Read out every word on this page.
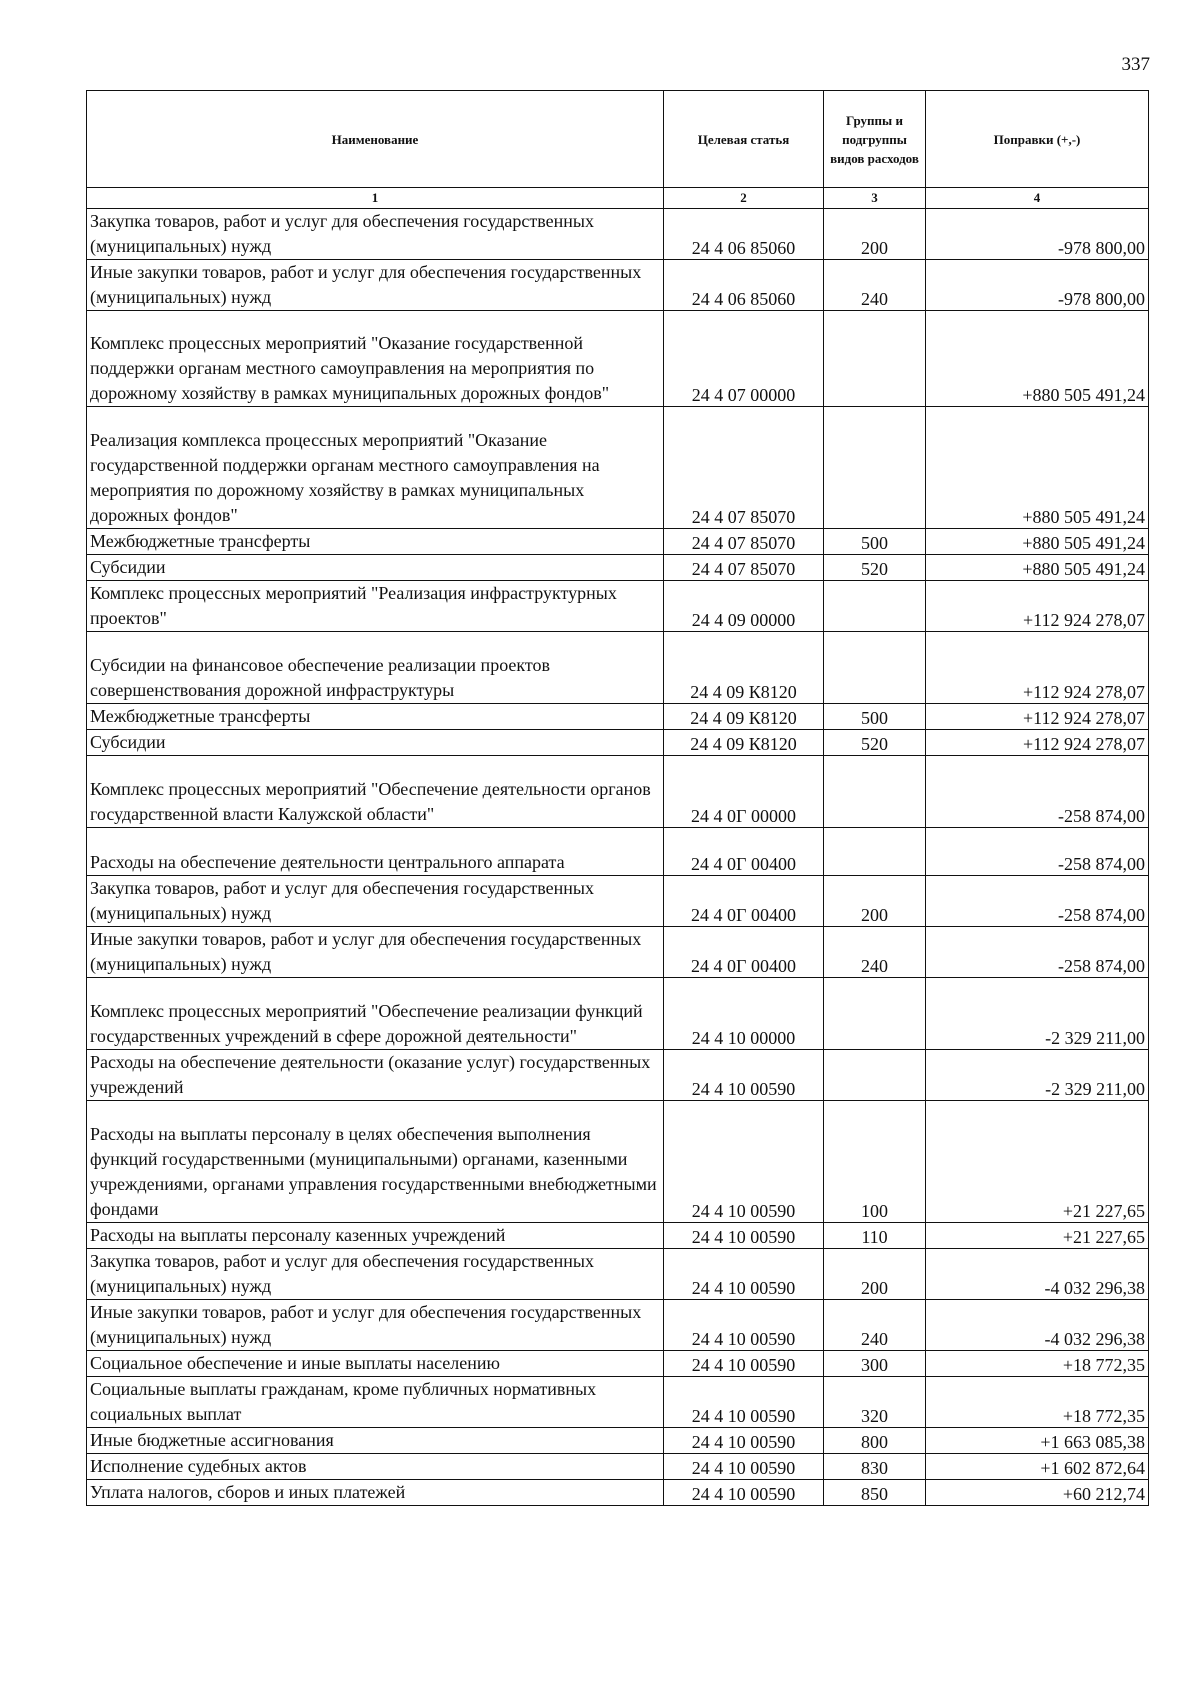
337
Наименование	Целевая статья	Группы и подгруппы видов расходов	Поправки (+,-)
1	2	3	4
Закупка товаров, работ и услуг для обеспечения государственных (муниципальных) нужд	24 4 06 85060	200	-978 800,00
Иные закупки товаров, работ и услуг для обеспечения государственных (муниципальных) нужд	24 4 06 85060	240	-978 800,00
Комплекс процессных мероприятий "Оказание государственной поддержки органам местного самоуправления на мероприятия по дорожному хозяйству в рамках муниципальных дорожных фондов"	24 4 07 00000		+880 505 491,24
Реализация комплекса процессных мероприятий "Оказание государственной поддержки органам местного самоуправления на мероприятия по дорожному хозяйству в рамках муниципальных дорожных фондов"	24 4 07 85070		+880 505 491,24
Межбюджетные трансферты	24 4 07 85070	500	+880 505 491,24
Субсидии	24 4 07 85070	520	+880 505 491,24
Комплекс процессных мероприятий "Реализация инфраструктурных проектов"	24 4 09 00000		+112 924 278,07
Субсидии на финансовое обеспечение реализации проектов совершенствования дорожной инфраструктуры	24 4 09 К8120		+112 924 278,07
Межбюджетные трансферты	24 4 09 К8120	500	+112 924 278,07
Субсидии	24 4 09 К8120	520	+112 924 278,07
Комплекс процессных мероприятий "Обеспечение деятельности органов государственной власти Калужской области"	24 4 0Г 00000		-258 874,00
Расходы на обеспечение деятельности центрального аппарата	24 4 0Г 00400		-258 874,00
Закупка товаров, работ и услуг для обеспечения государственных (муниципальных) нужд	24 4 0Г 00400	200	-258 874,00
Иные закупки товаров, работ и услуг для обеспечения государственных (муниципальных) нужд	24 4 0Г 00400	240	-258 874,00
Комплекс процессных мероприятий "Обеспечение реализации функций государственных учреждений в сфере дорожной деятельности"	24 4 10 00000		-2 329 211,00
Расходы на обеспечение деятельности (оказание услуг) государственных учреждений	24 4 10 00590		-2 329 211,00
Расходы на выплаты персоналу в целях обеспечения выполнения функций государственными (муниципальными) органами, казенными учреждениями, органами управления государственными внебюджетными фондами	24 4 10 00590	100	+21 227,65
Расходы на выплаты персоналу казенных учреждений	24 4 10 00590	110	+21 227,65
Закупка товаров, работ и услуг для обеспечения государственных (муниципальных) нужд	24 4 10 00590	200	-4 032 296,38
Иные закупки товаров, работ и услуг для обеспечения государственных (муниципальных) нужд	24 4 10 00590	240	-4 032 296,38
Социальное обеспечение и иные выплаты населению	24 4 10 00590	300	+18 772,35
Социальные выплаты гражданам, кроме публичных нормативных социальных выплат	24 4 10 00590	320	+18 772,35
Иные бюджетные ассигнования	24 4 10 00590	800	+1 663 085,38
Исполнение судебных актов	24 4 10 00590	830	+1 602 872,64
Уплата налогов, сборов и иных платежей	24 4 10 00590	850	+60 212,74
